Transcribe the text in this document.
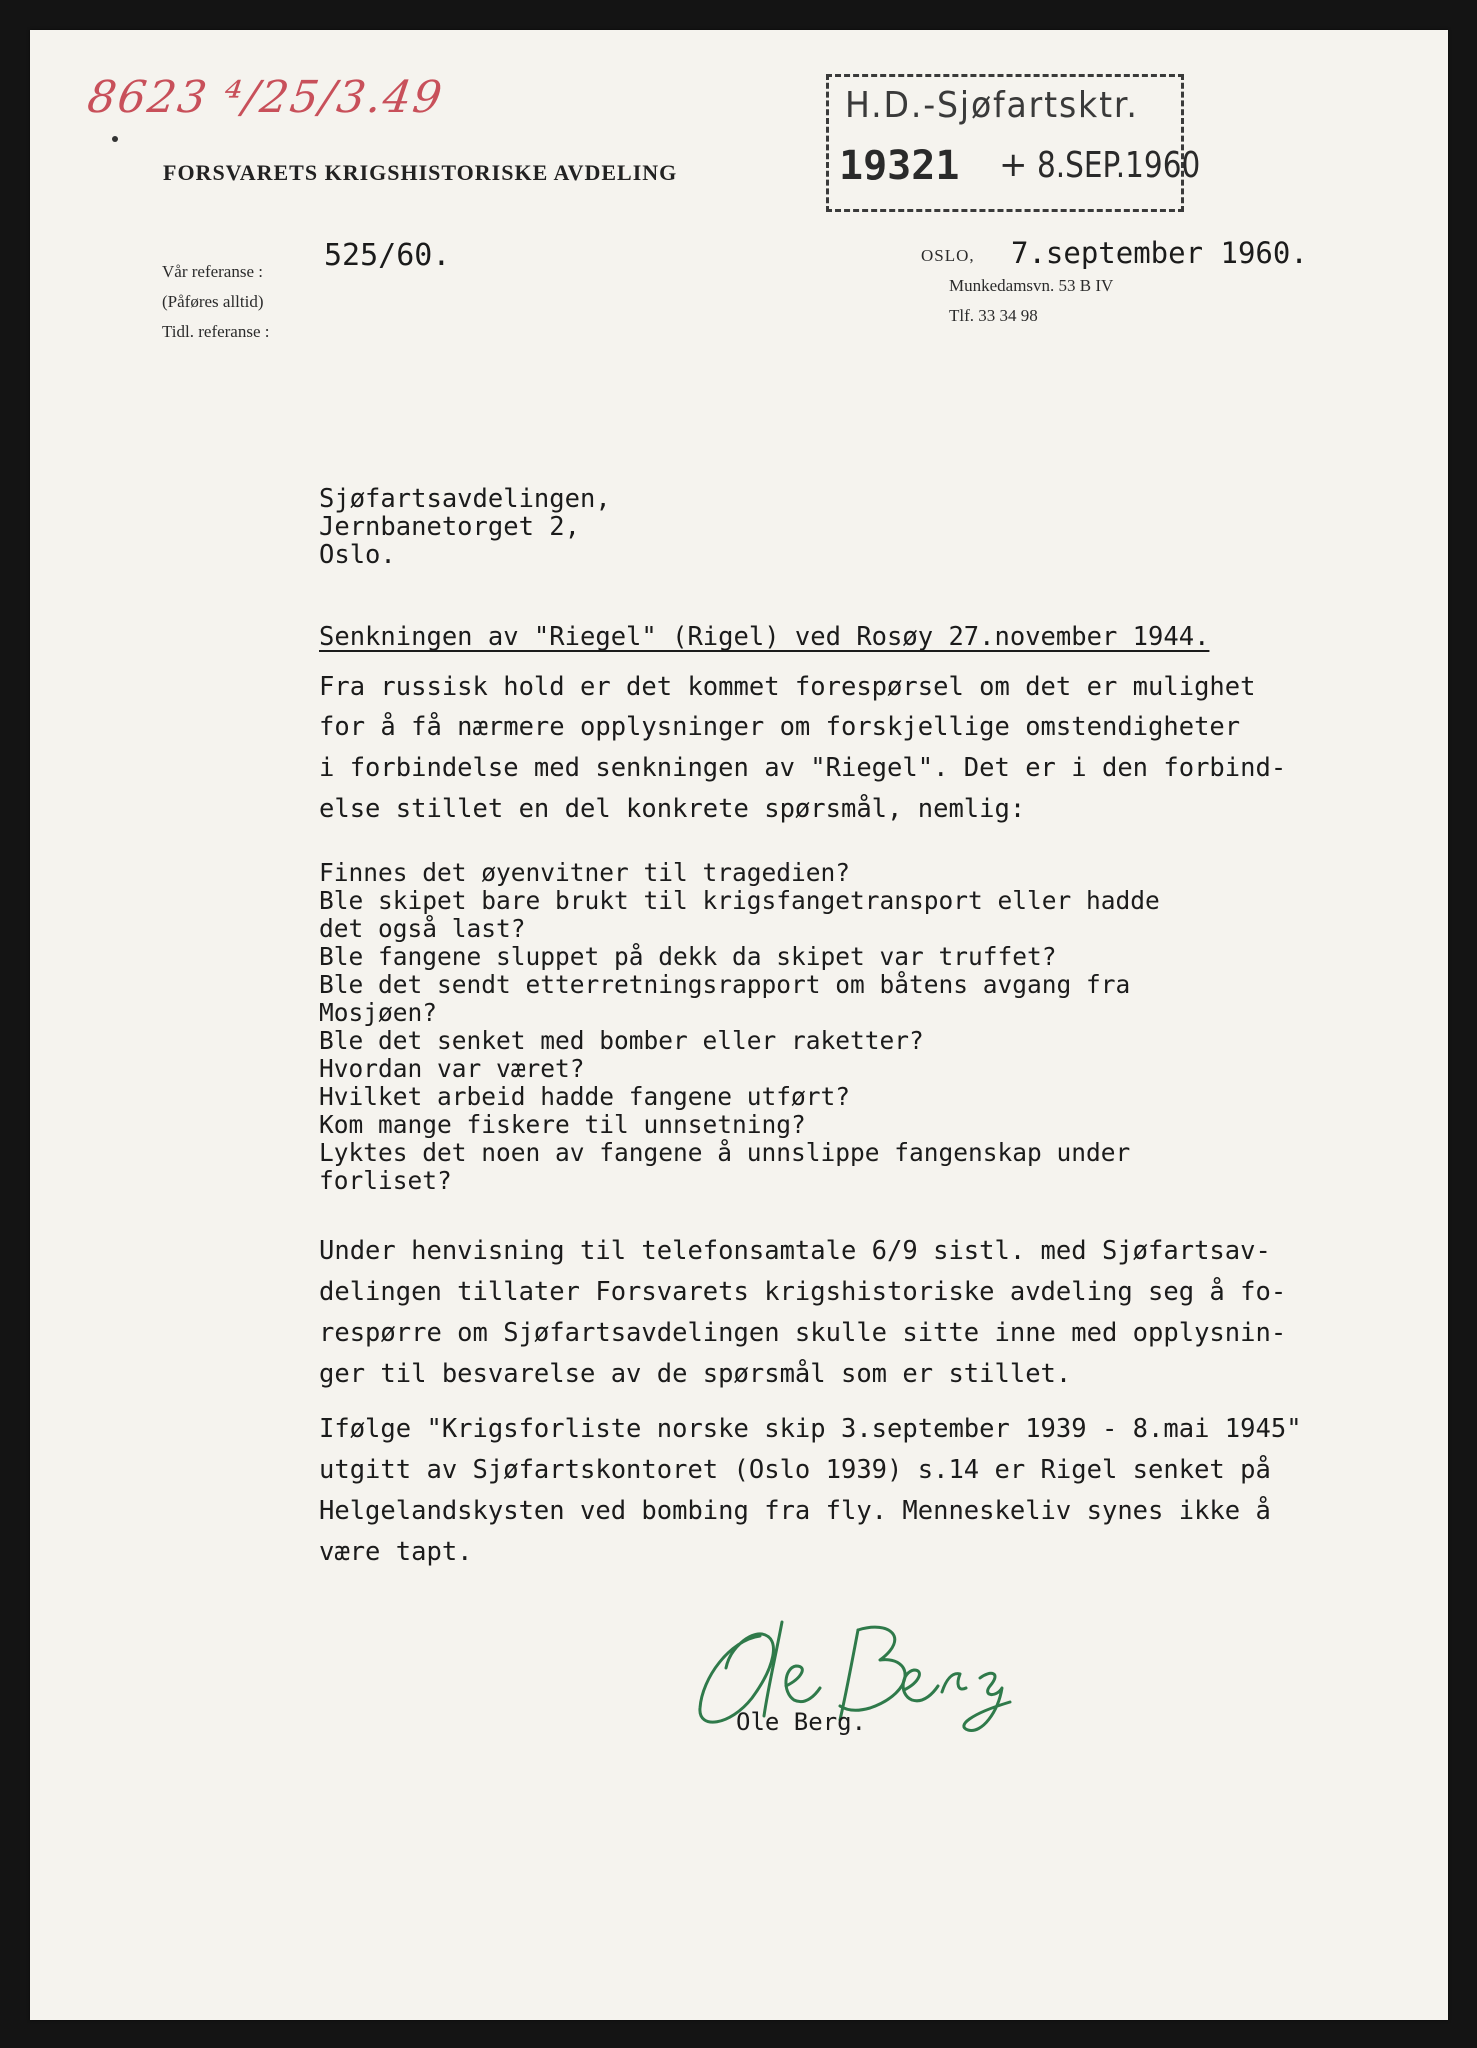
8623 ⁴/25/3.49
FORSVARETS KRIGSHISTORISKE AVDELING
H.D.-Sjøfartsktr.
19321 + 8.SEP.1960
Vår referanse : 525/60.
(Påføres alltid)
Tidl. referanse :
OSLO, 7.september 1960.
Munkedamsvn. 53 B IV
Tlf. 33 34 98
Sjøfartsavdelingen,
Jernbanetorget 2,
Oslo.
Senkningen av "Riegel" (Rigel) ved Rosøy 27.november 1944.
Fra russisk hold er det kommet forespørsel om det er mulighet
for å få nærmere opplysninger om forskjellige omstendigheter
i forbindelse med senkningen av "Riegel". Det er i den forbind-
else stillet en del konkrete spørsmål, nemlig:
Finnes det øyenvitner til tragedien?
Ble skipet bare brukt til krigsfangetransport eller hadde
det også last?
Ble fangene sluppet på dekk da skipet var truffet?
Ble det sendt etterretningsrapport om båtens avgang fra
Mosjøen?
Ble det senket med bomber eller raketter?
Hvordan var været?
Hvilket arbeid hadde fangene utført?
Kom mange fiskere til unnsetning?
Lyktes det noen av fangene å unnslippe fangenskap under
forliset?
Under henvisning til telefonsamtale 6/9 sistl. med Sjøfartsav-
delingen tillater Forsvarets krigshistoriske avdeling seg å fo-
respørre om Sjøfartsavdelingen skulle sitte inne med opplysnin-
ger til besvarelse av de spørsmål som er stillet.
Ifølge "Krigsforliste norske skip 3.september 1939 - 8.mai 1945"
utgitt av Sjøfartskontoret (Oslo 1939) s.14 er Rigel senket på
Helgelandskysten ved bombing fra fly. Menneskeliv synes ikke å
være tapt.
Ole Berg.
